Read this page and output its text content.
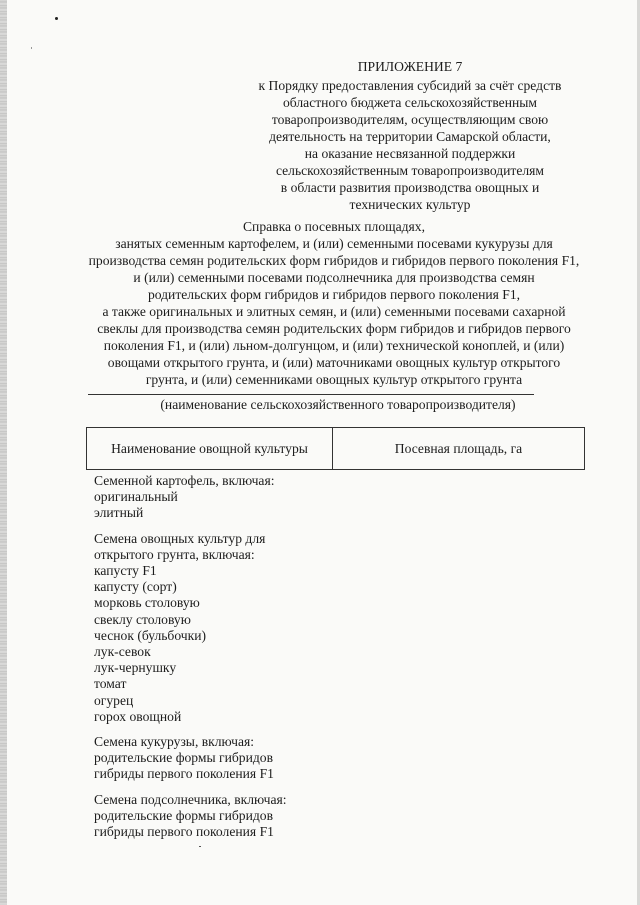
ПРИЛОЖЕНИЕ 7
к Порядку предоставления субсидий за счёт средств
областного бюджета сельскохозяйственным
товаропроизводителям, осуществляющим свою
деятельность на территории Самарской области,
на оказание несвязанной поддержки
сельскохозяйственным товаропроизводителям
в области развития производства овощных и
технических культур
Справка о посевных площадях,
занятых семенным картофелем, и (или) семенными посевами кукурузы для
производства семян родительских форм гибридов и гибридов первого поколения F1,
и (или) семенными посевами подсолнечника для производства семян
родительских форм гибридов и гибридов первого поколения F1,
а также оригинальных и элитных семян, и (или) семенными посевами сахарной
свеклы для производства семян родительских форм гибридов и гибридов первого
поколения F1, и (или) льном-долгунцом, и (или) технической коноплей, и (или)
овощами открытого грунта, и (или) маточниками овощных культур открытого
грунта, и (или) семенниками овощных культур открытого грунта
(наименование сельскохозяйственного товаропроизводителя)
Наименование овощной культуры	Посевная площадь, га
Семенной картофель, включая:
оригинальный
элитный
Семена овощных культур для
открытого грунта, включая:
капусту F1
капусту (сорт)
морковь столовую
свеклу столовую
чеснок (бульбочки)
лук-севок
лук-чернушку
томат
огурец
горох овощной
Семена кукурузы, включая:
родительские формы гибридов
гибриды первого поколения F1
Семена подсолнечника, включая:
родительские формы гибридов
гибриды первого поколения F1
